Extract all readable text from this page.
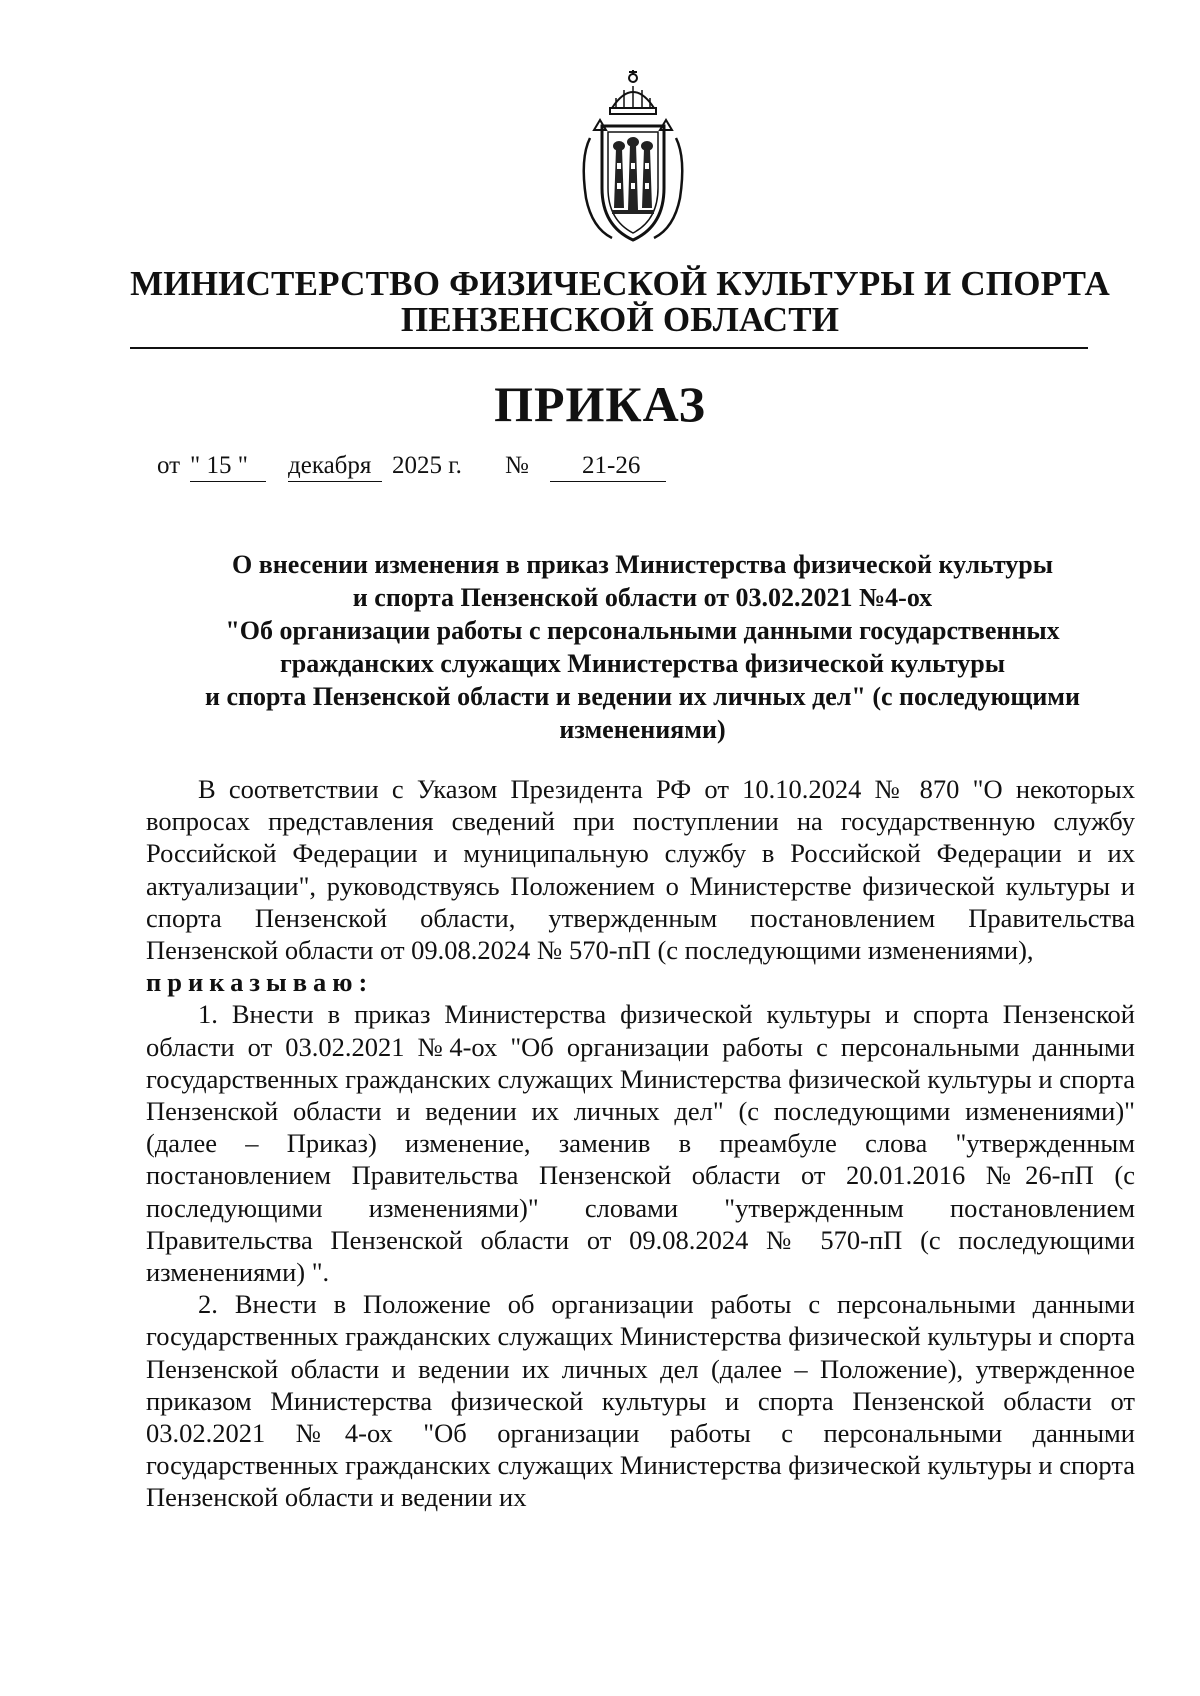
МИНИСТЕРСТВО ФИЗИЧЕСКОЙ КУЛЬТУРЫ И СПОРТА
ПЕНЗЕНСКОЙ ОБЛАСТИ
ПРИКАЗ
от " 15 "	декабря 2025 г. №	21-26
О внесении изменения в приказ Министерства физической культуры
и спорта Пензенской области от 03.02.2021 №4-ох
"Об организации работы с персональными данными государственных
гражданских служащих Министерства физической культуры
и спорта Пензенской области и ведении их личных дел" (с последующими
изменениями)

В соответствии с Указом Президента РФ от 10.10.2024 № 870 "О некоторых вопросах представления сведений при поступлении на государственную службу Российской Федерации и муниципальную службу в Российской Федерации и их актуализации", руководствуясь Положением о Министерстве физической культуры и спорта Пензенской области, утвержденным постановлением Правительства Пензенской области от 09.08.2024 № 570-пП (с последующими изменениями),

приказываю:

1. Внести в приказ Министерства физической культуры и спорта Пензенской области от 03.02.2021 №4-ох "Об организации работы с персональными данными государственных гражданских служащих Министерства физической культуры и спорта Пензенской области и ведении их личных дел" (с последующими изменениями)" (далее – Приказ) изменение, заменив в преамбуле слова "утвержденным постановлением Правительства Пензенской области от 20.01.2016 №26-пП (с последующими изменениями)" словами "утвержденным постановлением Правительства Пензенской области от 09.08.2024 № 570-пП (с последующими изменениями) ".

2. Внести в Положение об организации работы с персональными данными государственных гражданских служащих Министерства физической культуры и спорта Пензенской области и ведении их личных дел (далее – Положение), утвержденное приказом Министерства физической культуры и спорта Пензенской области от 03.02.2021 №4-ох "Об организации работы с персональными данными государственных гражданских служащих Министерства физической культуры и спорта Пензенской области и ведении их
